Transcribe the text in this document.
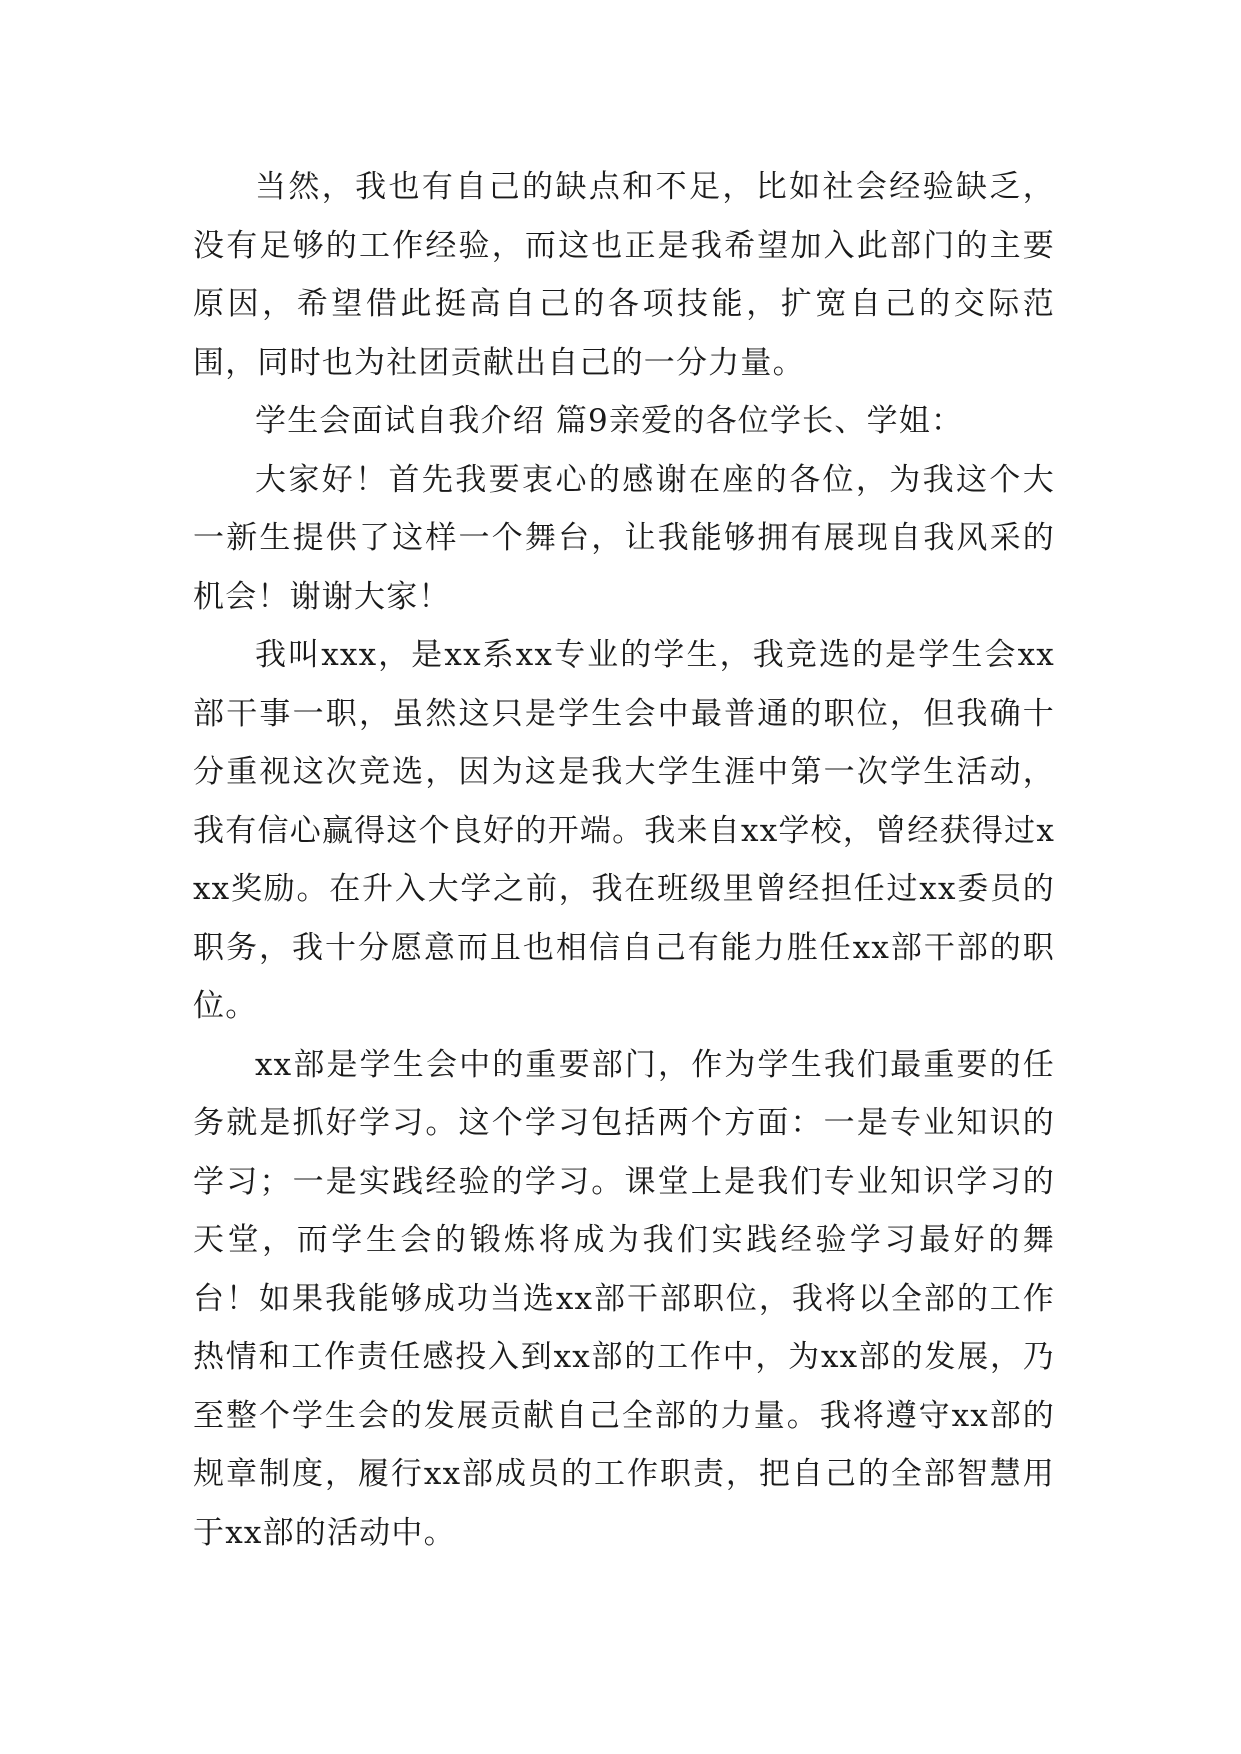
当然，我也有自己的缺点和不足，比如社会经验缺乏，没有足够的工作经验，而这也正是我希望加入此部门的主要原因，希望借此挺高自己的各项技能，扩宽自己的交际范围，同时也为社团贡献出自己的一分力量。

学生会面试自我介绍 篇9亲爱的各位学长、学姐：

大家好！首先我要衷心的感谢在座的各位，为我这个大一新生提供了这样一个舞台，让我能够拥有展现自我风采的机会！谢谢大家！

我叫xxx，是xx系xx专业的学生，我竞选的是学生会xx部干事一职，虽然这只是学生会中最普通的职位，但我确十分重视这次竞选，因为这是我大学生涯中第一次学生活动，我有信心赢得这个良好的开端。我来自xx学校，曾经获得过xxx奖励。在升入大学之前，我在班级里曾经担任过xx委员的职务，我十分愿意而且也相信自己有能力胜任xx部干部的职位。

xx部是学生会中的重要部门，作为学生我们最重要的任务就是抓好学习。这个学习包括两个方面：一是专业知识的学习；一是实践经验的学习。课堂上是我们专业知识学习的天堂，而学生会的锻炼将成为我们实践经验学习最好的舞台！如果我能够成功当选xx部干部职位，我将以全部的工作热情和工作责任感投入到xx部的工作中，为xx部的发展，乃至整个学生会的发展贡献自己全部的力量。我将遵守xx部的规章制度，履行xx部成员的工作职责，把自己的全部智慧用于xx部的活动中。
